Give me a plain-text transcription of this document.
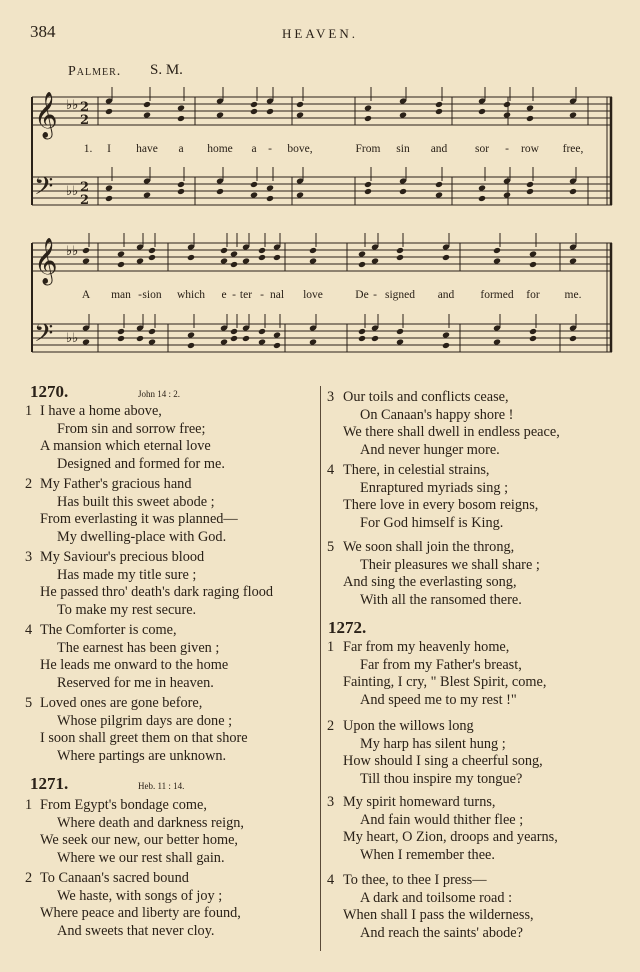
384	HEAVEN.
Palmer. S. M.
𝄞 ♭♭ 2
2
𝄢 ♭♭ 2
2
𝄞 ♭♭
𝄢 ♭♭
1. I have a home a - bove,	From sin and sor - row free,
A man - sion which e - ter - nal love	De - signed and formed for me.
1270.	John 14 : 2.
1 I have a home above,
From sin and sorrow free;
A mansion which eternal love
Designed and formed for me.
2 My Father's gracious hand
Has built this sweet abode ;
From everlasting it was planned—
My dwelling-place with God.
3 My Saviour's precious blood
Has made my title sure ;
He passed thro' death's dark raging flood
To make my rest secure.
4 The Comforter is come,
The earnest has been given ;
He leads me onward to the home
Reserved for me in heaven.
5 Loved ones are gone before,
Whose pilgrim days are done ;
I soon shall greet them on that shore
Where partings are unknown.
1 From Egypt's bondage come,
Where death and darkness reign,
We seek our new, our better home,
Where we our rest shall gain.
2 To Canaan's sacred bound
We haste, with songs of joy ;
Where peace and liberty are found,
And sweets that never cloy.
1271.	Heb. 11 : 14.
1272.
3 Our toils and conflicts cease,
On Canaan's happy shore !
We there shall dwell in endless peace,
And never hunger more.
4 There, in celestial strains,
Enraptured myriads sing ;
There love in every bosom reigns,
For God himself is King.
5 We soon shall join the throng,
Their pleasures we shall share ;
And sing the everlasting song,
With all the ransomed there.
1 Far from my heavenly home,
Far from my Father's breast,
Fainting, I cry, " Blest Spirit, come,
And speed me to my rest !"
2 Upon the willows long
My harp has silent hung ;
How should I sing a cheerful song,
Till thou inspire my tongue?
3 My spirit homeward turns,
And fain would thither flee ;
My heart, O Zion, droops and yearns,
When I remember thee.
4 To thee, to thee I press—
A dark and toilsome road :
When shall I pass the wilderness,
And reach the saints' abode?
